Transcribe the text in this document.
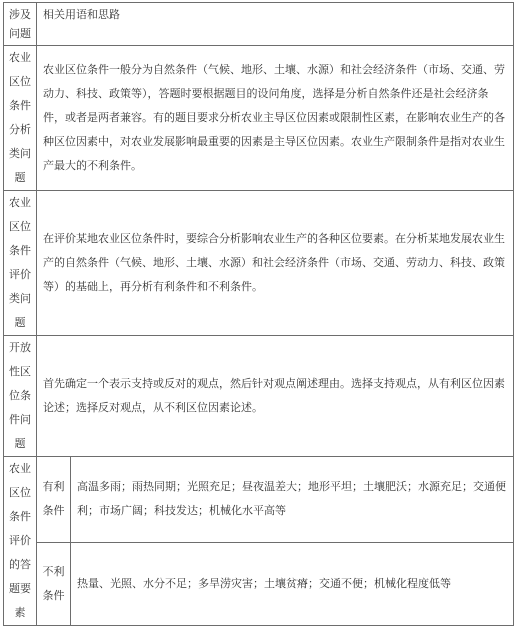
涉及问题	相关用语和思路	

农业区位条件分析类问题	农业区位条件一般分为自然条件（气候、地形、土壤、水源）和社会经济条件（市场、交通、劳动力、科技、政策等），答题时要根据题目的设问角度，选择是分析自然条件还是社会经济条件，或者是两者兼容。有的题目要求分析农业主导区位因素或限制性区素，在影响农业生产的各种区位因素中，对农业发展影响最重要的因素是主导区位因素。农业生产限制条件是指对农业生产最大的不利条件。	

农业区位条件评价类问题	在评价某地农业区位条件时，要综合分析影响农业生产的各种区位要素。在分析某地发展农业生产的自然条件（气候、地形、土壤、水源）和社会经济条件（市场、交通、劳动力、科技、政策等）的基础上，再分析有利条件和不利条件。	

开放性区位条件问题	首先确定一个表示支持或反对的观点，然后针对观点阐述理由。选择支持观点，从有利区位因素论述；选择反对观点，从不利区位因素论述。	

农业区位条件评价的答题要素	有利条件	高温多雨；雨热同期；光照充足；昼夜温差大；地形平坦；土壤肥沃；水源充足；交通便利；市场广阔；科技发达；机械化水平高等

	不利条件	热量、光照、水分不足；多旱涝灾害；土壤贫瘠；交通不便；机械化程度低等
